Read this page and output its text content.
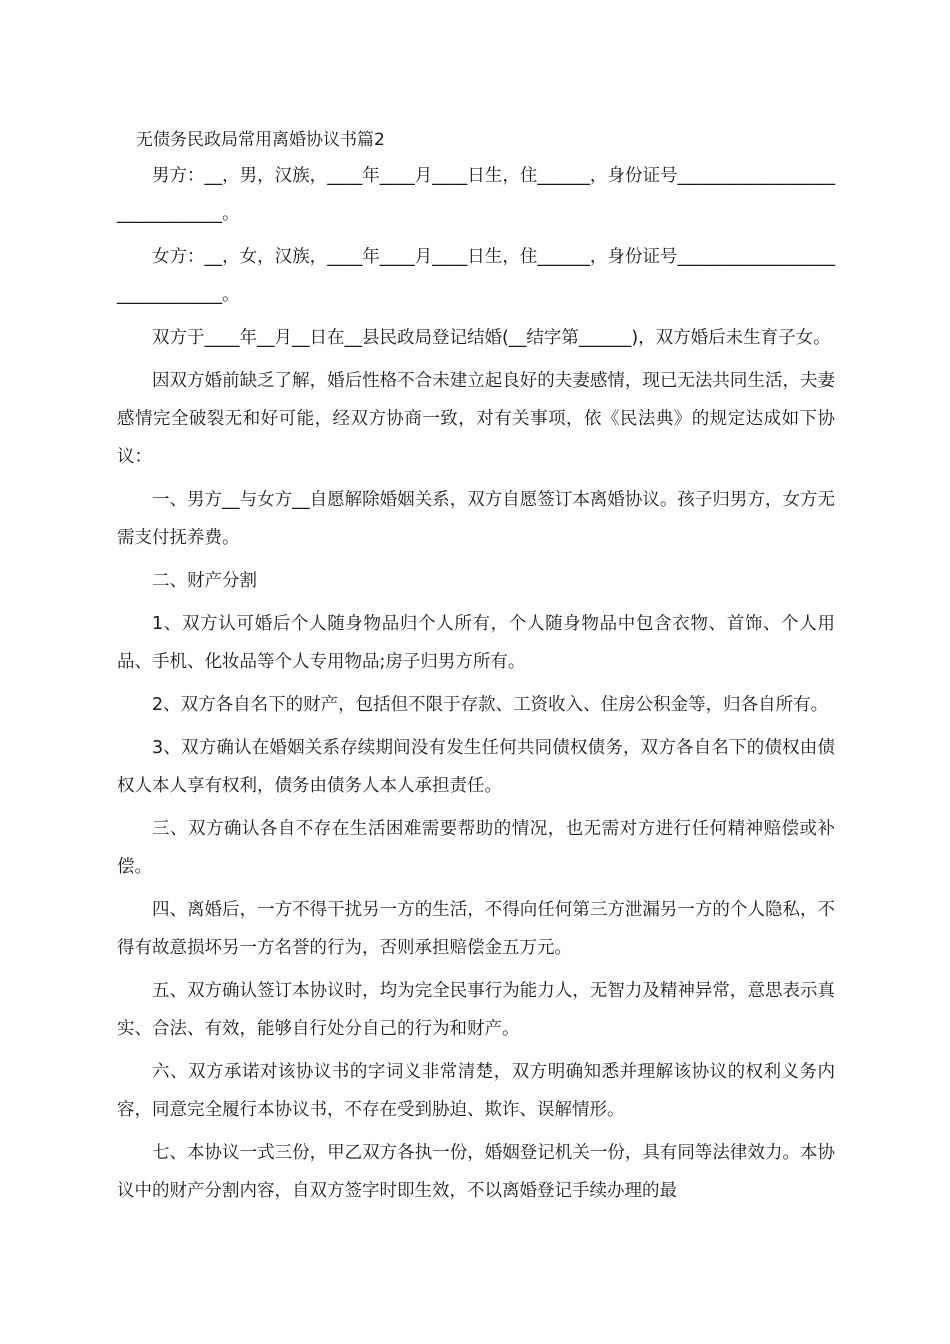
无债务民政局常用离婚协议书篇2

男方：__，男，汉族，____年____月____日生，住______，身份证号______________________________。

女方：__，女，汉族，____年____月____日生，住______，身份证号______________________________。

双方于____年__月__日在__县民政局登记结婚(__结字第______)，双方婚后未生育子女。

因双方婚前缺乏了解，婚后性格不合未建立起良好的夫妻感情，现已无法共同生活，夫妻感情完全破裂无和好可能，经双方协商一致，对有关事项，依《民法典》的规定达成如下协议：

一、男方__与女方__自愿解除婚姻关系，双方自愿签订本离婚协议。孩子归男方，女方无需支付抚养费。

二、财产分割

1、双方认可婚后个人随身物品归个人所有，个人随身物品中包含衣物、首饰、个人用品、手机、化妆品等个人专用物品;房子归男方所有。

2、双方各自名下的财产，包括但不限于存款、工资收入、住房公积金等，归各自所有。

3、双方确认在婚姻关系存续期间没有发生任何共同债权债务，双方各自名下的债权由债权人本人享有权利，债务由债务人本人承担责任。

三、双方确认各自不存在生活困难需要帮助的情况，也无需对方进行任何精神赔偿或补偿。

四、离婚后，一方不得干扰另一方的生活，不得向任何第三方泄漏另一方的个人隐私，不得有故意损坏另一方名誉的行为，否则承担赔偿金五万元。

五、双方确认签订本协议时，均为完全民事行为能力人，无智力及精神异常，意思表示真实、合法、有效，能够自行处分自己的行为和财产。

六、双方承诺对该协议书的字词义非常清楚，双方明确知悉并理解该协议的权利义务内容，同意完全履行本协议书，不存在受到胁迫、欺诈、误解情形。

七、本协议一式三份，甲乙双方各执一份，婚姻登记机关一份，具有同等法律效力。本协议中的财产分割内容，自双方签字时即生效，不以离婚登记手续办理的最
